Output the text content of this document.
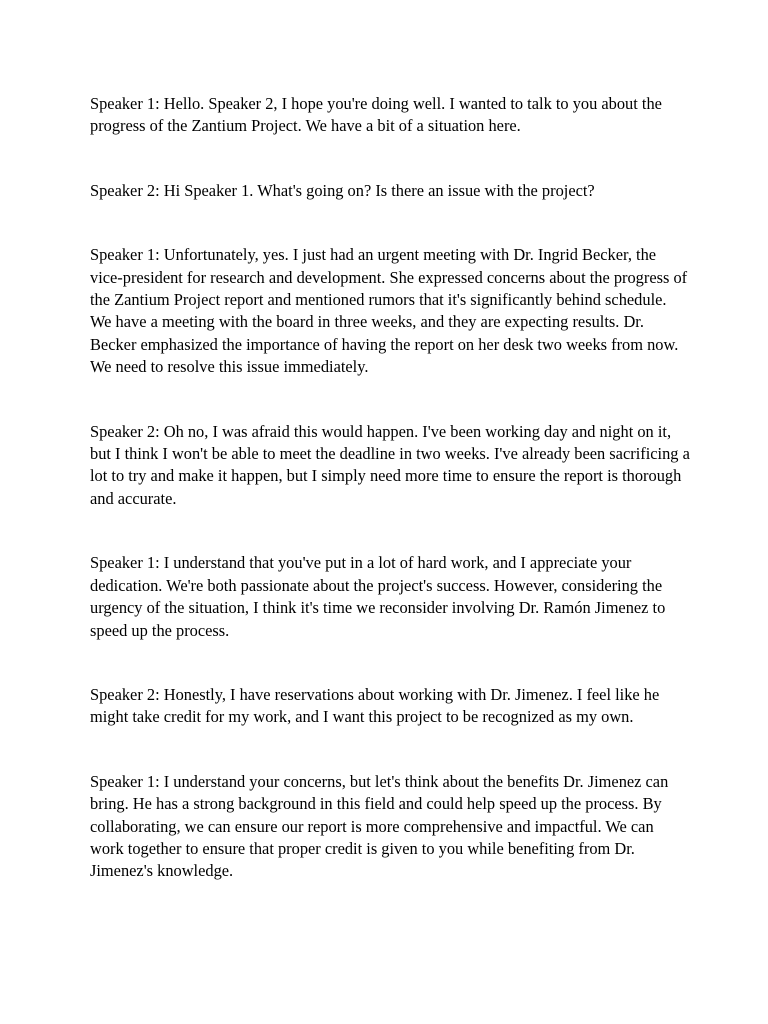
Speaker 1: Hello. Speaker 2, I hope you're doing well. I wanted to talk to you about the progress of the Zantium Project. We have a bit of a situation here.

Speaker 2: Hi Speaker 1. What's going on? Is there an issue with the project?

Speaker 1: Unfortunately, yes. I just had an urgent meeting with Dr. Ingrid Becker, the vice-president for research and development. She expressed concerns about the progress of the Zantium Project report and mentioned rumors that it's significantly behind schedule. We have a meeting with the board in three weeks, and they are expecting results. Dr. Becker emphasized the importance of having the report on her desk two weeks from now. We need to resolve this issue immediately.

Speaker 2: Oh no, I was afraid this would happen. I've been working day and night on it, but I think I won't be able to meet the deadline in two weeks. I've already been sacrificing a lot to try and make it happen, but I simply need more time to ensure the report is thorough and accurate.

Speaker 1: I understand that you've put in a lot of hard work, and I appreciate your dedication. We're both passionate about the project's success. However, considering the urgency of the situation, I think it's time we reconsider involving Dr. Ramón Jimenez to speed up the process.

Speaker 2: Honestly, I have reservations about working with Dr. Jimenez. I feel like he might take credit for my work, and I want this project to be recognized as my own.

Speaker 1: I understand your concerns, but let's think about the benefits Dr. Jimenez can bring. He has a strong background in this field and could help speed up the process. By collaborating, we can ensure our report is more comprehensive and impactful. We can work together to ensure that proper credit is given to you while benefiting from Dr. Jimenez's knowledge.
